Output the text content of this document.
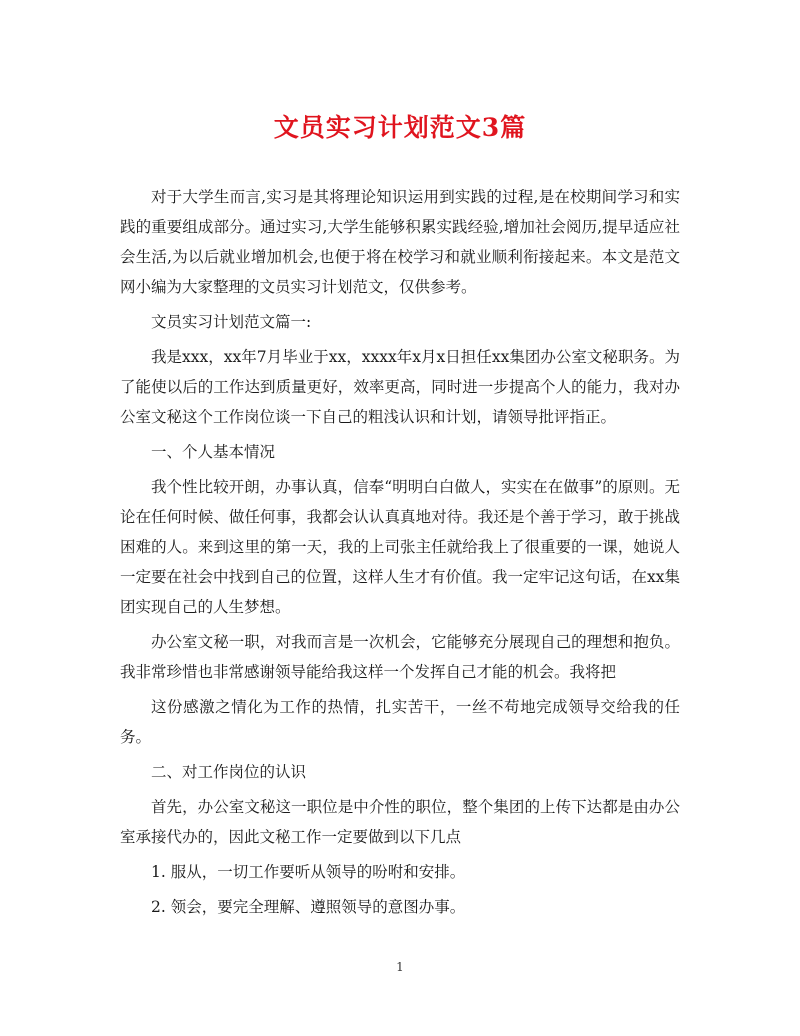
文员实习计划范文3篇

对于大学生而言,实习是其将理论知识运用到实践的过程,是在校期间学习和实践的重要组成部分。通过实习,大学生能够积累实践经验,增加社会阅历,提早适应社会生活,为以后就业增加机会,也便于将在校学习和就业顺利衔接起来。本文是范文网小编为大家整理的文员实习计划范文，仅供参考。

文员实习计划范文篇一:

我是xxx，xx年7月毕业于xx，xxxx年x月x日担任xx集团办公室文秘职务。为了能使以后的工作达到质量更好，效率更高，同时进一步提高个人的能力，我对办公室文秘这个工作岗位谈一下自己的粗浅认识和计划，请领导批评指正。

一、个人基本情况

我个性比较开朗，办事认真，信奉“明明白白做人，实实在在做事”的原则。无论在任何时候、做任何事，我都会认认真真地对待。我还是个善于学习，敢于挑战困难的人。来到这里的第一天，我的上司张主任就给我上了很重要的一课，她说人一定要在社会中找到自己的位置，这样人生才有价值。我一定牢记这句话，在xx集团实现自己的人生梦想。

办公室文秘一职，对我而言是一次机会，它能够充分展现自己的理想和抱负。我非常珍惜也非常感谢领导能给我这样一个发挥自己才能的机会。我将把

这份感激之情化为工作的热情，扎实苦干，一丝不苟地完成领导交给我的任务。

二、对工作岗位的认识

首先，办公室文秘这一职位是中介性的职位，整个集团的上传下达都是由办公室承接代办的，因此文秘工作一定要做到以下几点

1. 服从，一切工作要听从领导的吩咐和安排。

2. 领会，要完全理解、遵照领导的意图办事。

1
